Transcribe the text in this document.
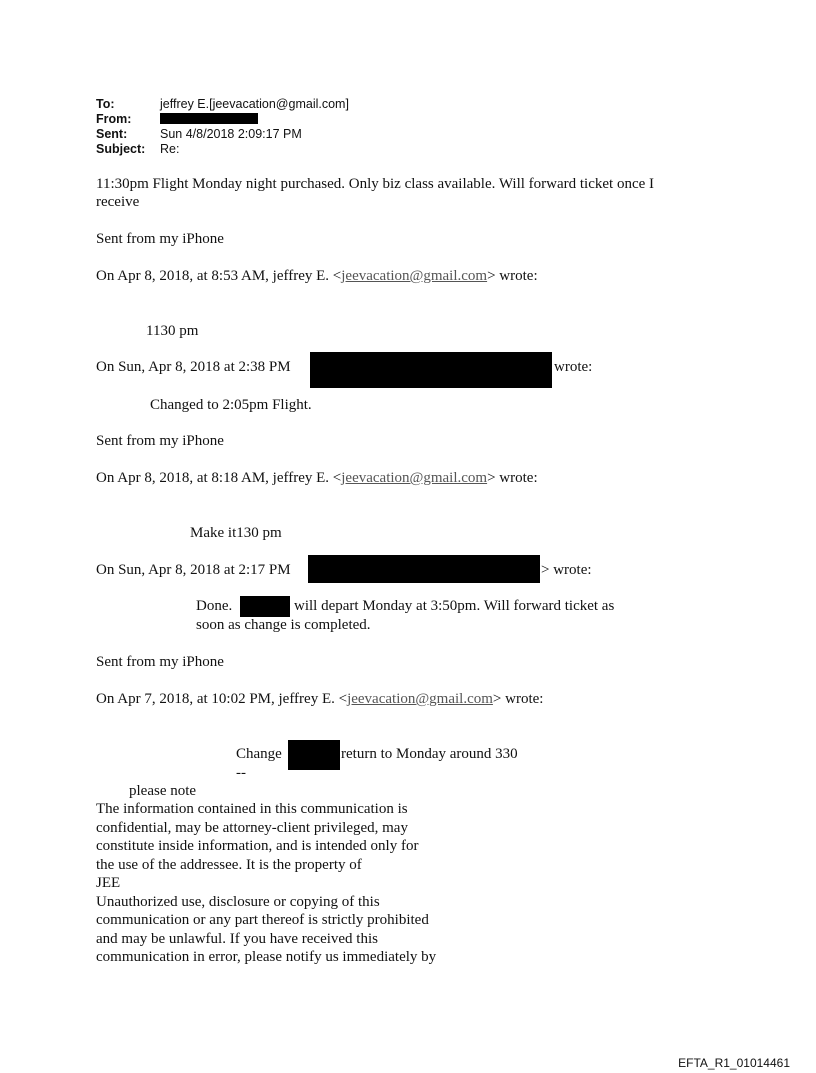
To:	jeffrey E.[jeevacation@gmail.com]
From:
Sent:	Sun 4/8/2018 2:09:17 PM
Subject: Re:
11:30pm Flight Monday night purchased. Only biz class available. Will forward ticket once I
receive
Sent from my iPhone
On Apr 8, 2018, at 8:53 AM, jeffrey E. <jeevacation@gmail.com> wrote:
1130 pm
On Sun, Apr 8, 2018 at 2:38 PM	wrote:
Changed to 2:05pm Flight.
Sent from my iPhone
On Apr 8, 2018, at 8:18 AM, jeffrey E. <jeevacation@gmail.com> wrote:
Make it130 pm
On Sun, Apr 8, 2018 at 2:17 PM	> wrote:
Done.	will depart Monday at 3:50pm. Will forward ticket as
soon as change is completed.
Sent from my iPhone
On Apr 7, 2018, at 10:02 PM, jeffrey E. <jeevacation@gmail.com> wrote:
Change	return to Monday around 330
--
please note
The information contained in this communication is
confidential, may be attorney-client privileged, may
constitute inside information, and is intended only for
the use of the addressee. It is the property of
JEE
Unauthorized use, disclosure or copying of this
communication or any part thereof is strictly prohibited
and may be unlawful. If you have received this
communication in error, please notify us immediately by
EFTA_R1_01014461
